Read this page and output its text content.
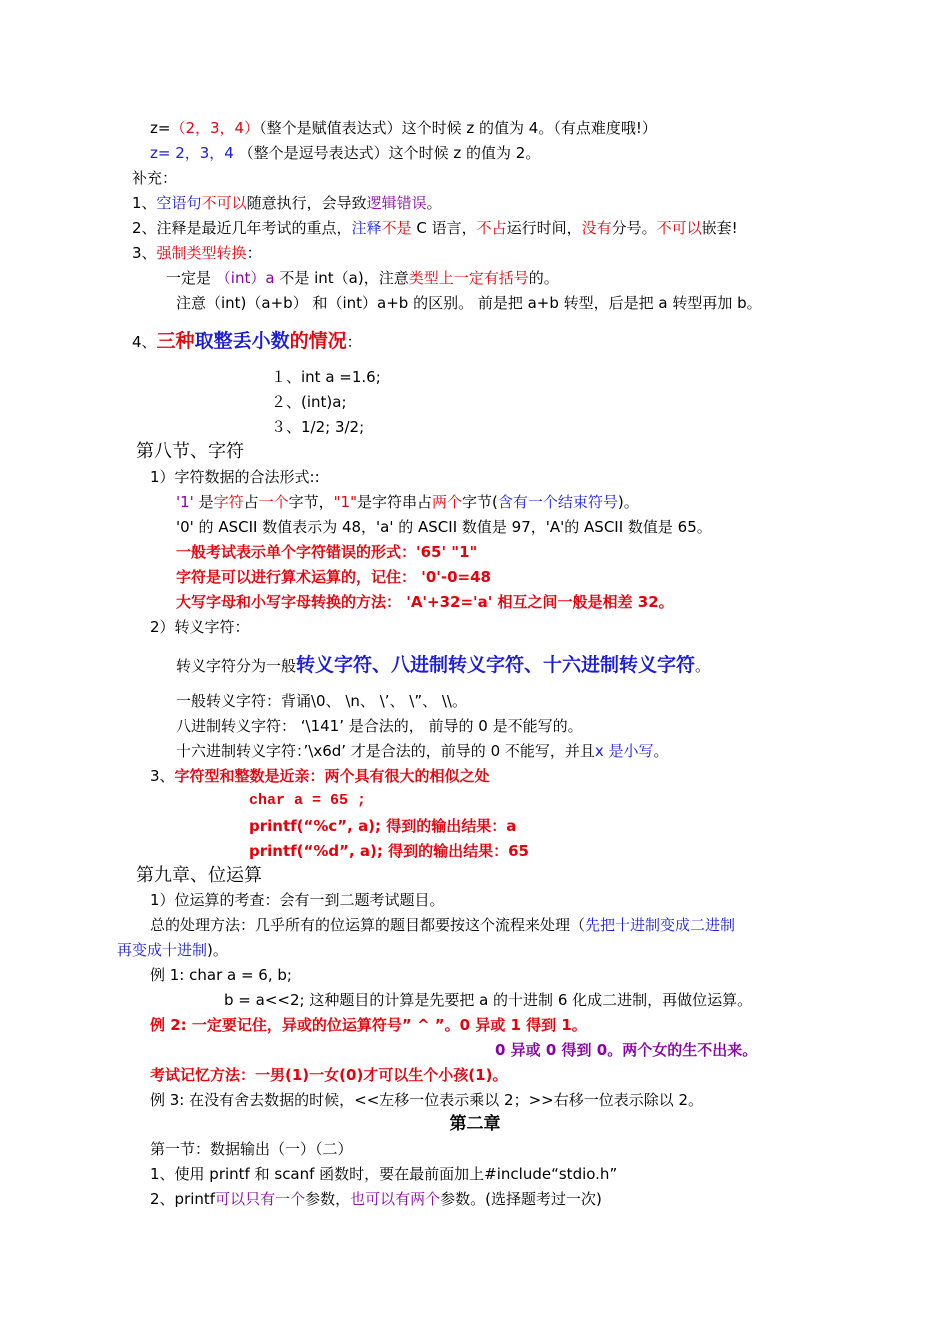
z=（2，3，4）（整个是赋值表达式）这个时候 z 的值为 4。（有点难度哦!）
z= 2，3，4 （整个是逗号表达式）这个时候 z 的值为 2。
补充：
1、空语句不可以随意执行，会导致逻辑错误。
2、注释是最近几年考试的重点，注释不是 C 语言，不占运行时间，没有分号。不可以嵌套!
3、强制类型转换：
一定是 （int）a 不是 int（a)，注意类型上一定有括号的。
注意（int)（a+b） 和（int）a+b 的区别。 前是把 a+b 转型，后是把 a 转型再加 b。
4、三种取整丢小数的情况：
１、int a =1.6;
２、(int)a;
３、1/2; 3/2;
第八节、字符
1）字符数据的合法形式::
'1' 是字符占一个字节，"1"是字符串占两个字节(含有一个结束符号)。
'0' 的 ASCII 数值表示为 48，'a' 的 ASCII 数值是 97，'A'的 ASCII 数值是 65。
一般考试表示单个字符错误的形式：'65' "1"
字符是可以进行算术运算的，记住： '0'-0=48
大写字母和小写字母转换的方法： 'A'+32='a' 相互之间一般是相差 32。
2）转义字符：
转义字符分为一般转义字符、八进制转义字符、十六进制转义字符。
一般转义字符：背诵\0、 \n、 \’、 \”、 \\。
八进制转义字符： ‘\141’ 是合法的， 前导的 0 是不能写的。
十六进制转义字符：’\x6d’ 才是合法的，前导的 0 不能写，并且x 是小写。
3、字符型和整数是近亲：两个具有很大的相似之处
char a = 65 ;
printf(“%c”, a); 得到的输出结果：a
printf(“%d”, a); 得到的输出结果：65
第九章、位运算
1）位运算的考查：会有一到二题考试题目。
总的处理方法：几乎所有的位运算的题目都要按这个流程来处理（先把十进制变成二进制
再变成十进制)。
例 1: char a = 6, b;
b = a<<2; 这种题目的计算是先要把 a 的十进制 6 化成二进制，再做位运算。
例 2: 一定要记住，异或的位运算符号” ^ ”。0 异或 1 得到 1。
0 异或 0 得到 0。两个女的生不出来。
考试记忆方法：一男(1)一女(0)才可以生个小孩(1)。
例 3: 在没有舍去数据的时候，<<左移一位表示乘以 2；>>右移一位表示除以 2。
第二章
第一节：数据输出（一）（二）
1、使用 printf 和 scanf 函数时，要在最前面加上#include“stdio.h”
2、printf可以只有一个参数，也可以有两个参数。(选择题考过一次)
